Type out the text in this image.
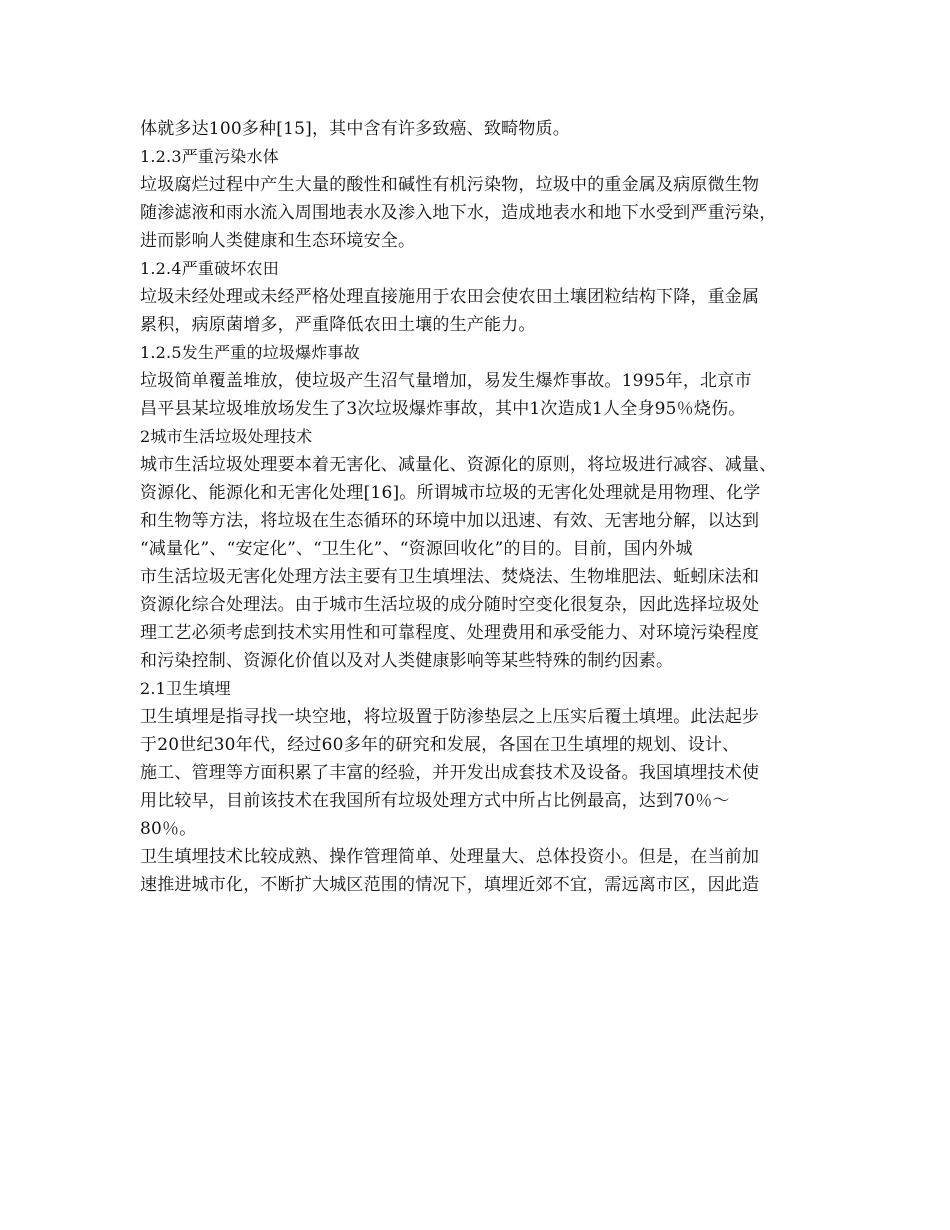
体就多达100多种[15]，其中含有许多致癌、致畸物质。
1.2.3严重污染水体
垃圾腐烂过程中产生大量的酸性和碱性有机污染物，垃圾中的重金属及病原微生物
随渗滤液和雨水流入周围地表水及渗入地下水，造成地表水和地下水受到严重污染，
进而影响人类健康和生态环境安全。
1.2.4严重破坏农田
垃圾未经处理或未经严格处理直接施用于农田会使农田土壤团粒结构下降，重金属
累积，病原菌增多，严重降低农田土壤的生产能力。
1.2.5发生严重的垃圾爆炸事故
垃圾简单覆盖堆放，使垃圾产生沼气量增加，易发生爆炸事故。1995年，北京市
昌平县某垃圾堆放场发生了3次垃圾爆炸事故，其中1次造成1人全身95％烧伤。
2城市生活垃圾处理技术
城市生活垃圾处理要本着无害化、减量化、资源化的原则，将垃圾进行减容、减量、
资源化、能源化和无害化处理[16]。所谓城市垃圾的无害化处理就是用物理、化学
和生物等方法，将垃圾在生态循环的环境中加以迅速、有效、无害地分解，以达到
“减量化”、“安定化”、“卫生化”、“资源回收化”的目的。目前，国内外城
市生活垃圾无害化处理方法主要有卫生填埋法、焚烧法、生物堆肥法、蚯蚓床法和
资源化综合处理法。由于城市生活垃圾的成分随时空变化很复杂，因此选择垃圾处
理工艺必须考虑到技术实用性和可靠程度、处理费用和承受能力、对环境污染程度
和污染控制、资源化价值以及对人类健康影响等某些特殊的制约因素。
2.1卫生填埋
卫生填埋是指寻找一块空地，将垃圾置于防渗垫层之上压实后覆土填埋。此法起步
于20世纪30年代，经过60多年的研究和发展，各国在卫生填埋的规划、设计、
施工、管理等方面积累了丰富的经验，并开发出成套技术及设备。我国填埋技术使
用比较早，目前该技术在我国所有垃圾处理方式中所占比例最高，达到70％～
80％。
卫生填埋技术比较成熟、操作管理简单、处理量大、总体投资小。但是，在当前加
速推进城市化，不断扩大城区范围的情况下，填埋近郊不宜，需远离市区，因此造
